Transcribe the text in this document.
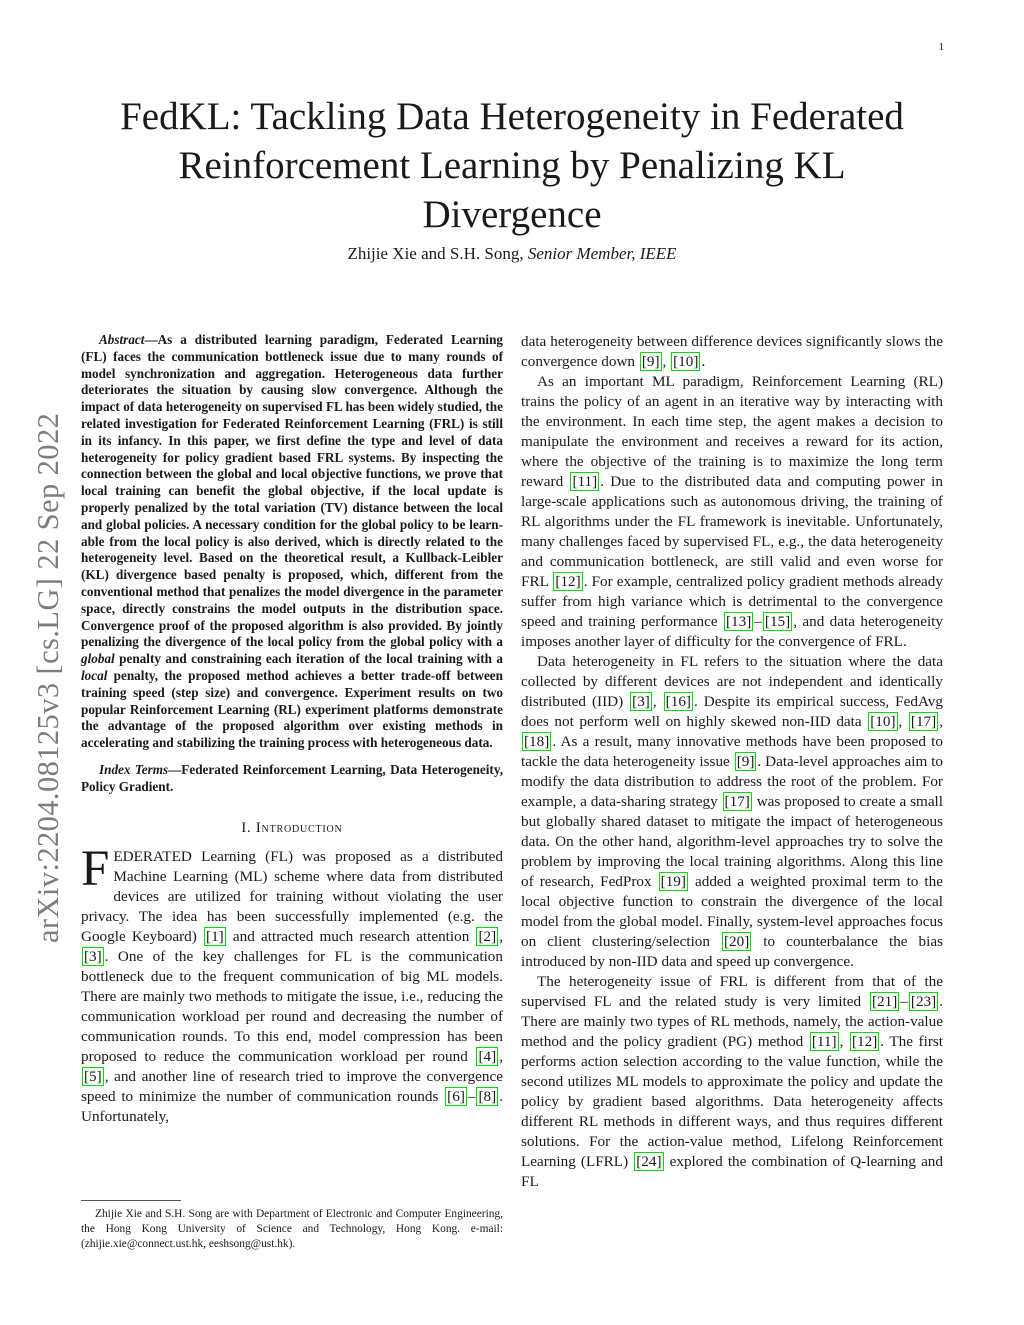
1
arXiv:2204.08125v3 [cs.LG] 22 Sep 2022
FedKL: Tackling Data Heterogeneity in Federated Reinforcement Learning by Penalizing KL Divergence
Zhijie Xie and S.H. Song, Senior Member, IEEE

Abstract—As a distributed learning paradigm, Federated Learning (FL) faces the communication bottleneck issue due to many rounds of model synchronization and aggregation. Heterogeneous data further deteriorates the situation by causing slow convergence. Although the impact of data heterogeneity on supervised FL has been widely studied, the related investigation for Federated Reinforcement Learning (FRL) is still in its infancy. In this paper, we first define the type and level of data heterogeneity for policy gradient based FRL systems. By inspecting the connection between the global and local objective functions, we prove that local training can benefit the global objective, if the local update is properly penalized by the total variation (TV) distance between the local and global policies. A necessary condition for the global policy to be learn-able from the local policy is also derived, which is directly related to the heterogeneity level. Based on the theoretical result, a Kullback-Leibler (KL) divergence based penalty is proposed, which, different from the conventional method that penalizes the model divergence in the parameter space, directly constrains the model outputs in the distribution space. Convergence proof of the proposed algorithm is also provided. By jointly penalizing the divergence of the local policy from the global policy with a global penalty and constraining each iteration of the local training with a local penalty, the proposed method achieves a better trade-off between training speed (step size) and convergence. Experiment results on two popular Reinforcement Learning (RL) experiment platforms demonstrate the advantage of the proposed algorithm over existing methods in accelerating and stabilizing the training process with heterogeneous data.

Index Terms—Federated Reinforcement Learning, Data Heterogeneity, Policy Gradient.

I. Introduction

FEDERATED Learning (FL) was proposed as a distributed Machine Learning (ML) scheme where data from distributed devices are utilized for training without violating the user privacy. The idea has been successfully implemented (e.g. the Google Keyboard) [1] and attracted much research attention [2] , [3] . One of the key challenges for FL is the communication bottleneck due to the frequent communication of big ML models. There are mainly two methods to mitigate the issue, i.e., reducing the communication workload per round and decreasing the number of communication rounds. To this end, model compression has been proposed to reduce the communication workload per round [4] , [5] , and another line of research tried to improve the convergence speed to minimize the number of communication rounds [6] – [8] . Unfortunately,

Zhijie Xie and S.H. Song are with Department of Electronic and Computer Engineering, the Hong Kong University of Science and Technology, Hong Kong. e-mail: (zhijie.xie@connect.ust.hk, eeshsong@ust.hk).

data heterogeneity between difference devices significantly slows the convergence down [9] , [10] .

As an important ML paradigm, Reinforcement Learning (RL) trains the policy of an agent in an iterative way by interacting with the environment. In each time step, the agent makes a decision to manipulate the environment and receives a reward for its action, where the objective of the training is to maximize the long term reward [11] . Due to the distributed data and computing power in large-scale applications such as autonomous driving, the training of RL algorithms under the FL framework is inevitable. Unfortunately, many challenges faced by supervised FL, e.g., the data heterogeneity and communication bottleneck, are still valid and even worse for FRL [12] . For example, centralized policy gradient methods already suffer from high variance which is detrimental to the convergence speed and training performance [13] – [15] , and data heterogeneity imposes another layer of difficulty for the convergence of FRL.

Data heterogeneity in FL refers to the situation where the data collected by different devices are not independent and identically distributed (IID) [3] , [16] . Despite its empirical success, FedAvg does not perform well on highly skewed non-IID data [10] , [17] , [18] . As a result, many innovative methods have been proposed to tackle the data heterogeneity issue [9] . Data-level approaches aim to modify the data distribution to address the root of the problem. For example, a data-sharing strategy [17] was proposed to create a small but globally shared dataset to mitigate the impact of heterogeneous data. On the other hand, algorithm-level approaches try to solve the problem by improving the local training algorithms. Along this line of research, FedProx [19] added a weighted proximal term to the local objective function to constrain the divergence of the local model from the global model. Finally, system-level approaches focus on client clustering/selection [20] to counterbalance the bias introduced by non-IID data and speed up convergence.

The heterogeneity issue of FRL is different from that of the supervised FL and the related study is very limited [21] – [23] . There are mainly two types of RL methods, namely, the action-value method and the policy gradient (PG) method [11] , [12] . The first performs action selection according to the value function, while the second utilizes ML models to approximate the policy and update the policy by gradient based algorithms. Data heterogeneity affects different RL methods in different ways, and thus requires different solutions. For the action-value method, Lifelong Reinforcement Learning (LFRL) [24] explored the combination of Q-learning and FL
